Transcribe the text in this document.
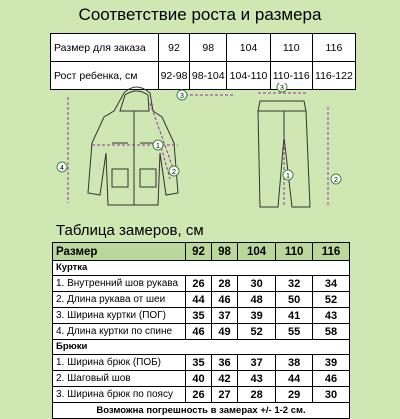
Соответствие роста и размера
Размер для заказа	92	98	104	110	116
Рост ребенка, см	92-98	98-104	104-110	110-116	116-122
1
2
3
4
3
1
2
Таблица замеров, см
Размер	92	98	104	110	116
Куртка					
1. Внутренний шов рукава	26	28	30	32	34
2. Длина рукава от шеи	44	46	48	50	52
3. Ширина куртки (ПОГ)	35	37	39	41	43
4. Длина куртки по спине	46	49	52	55	58
Брюки					
1. Ширина брюк (ПОБ)	35	36	37	38	39
2. Шаговый шов	40	42	43	44	46
3. Ширина брюк по поясу	26	27	28	29	30
Возможна погрешность в замерах +/- 1-2 см.					
